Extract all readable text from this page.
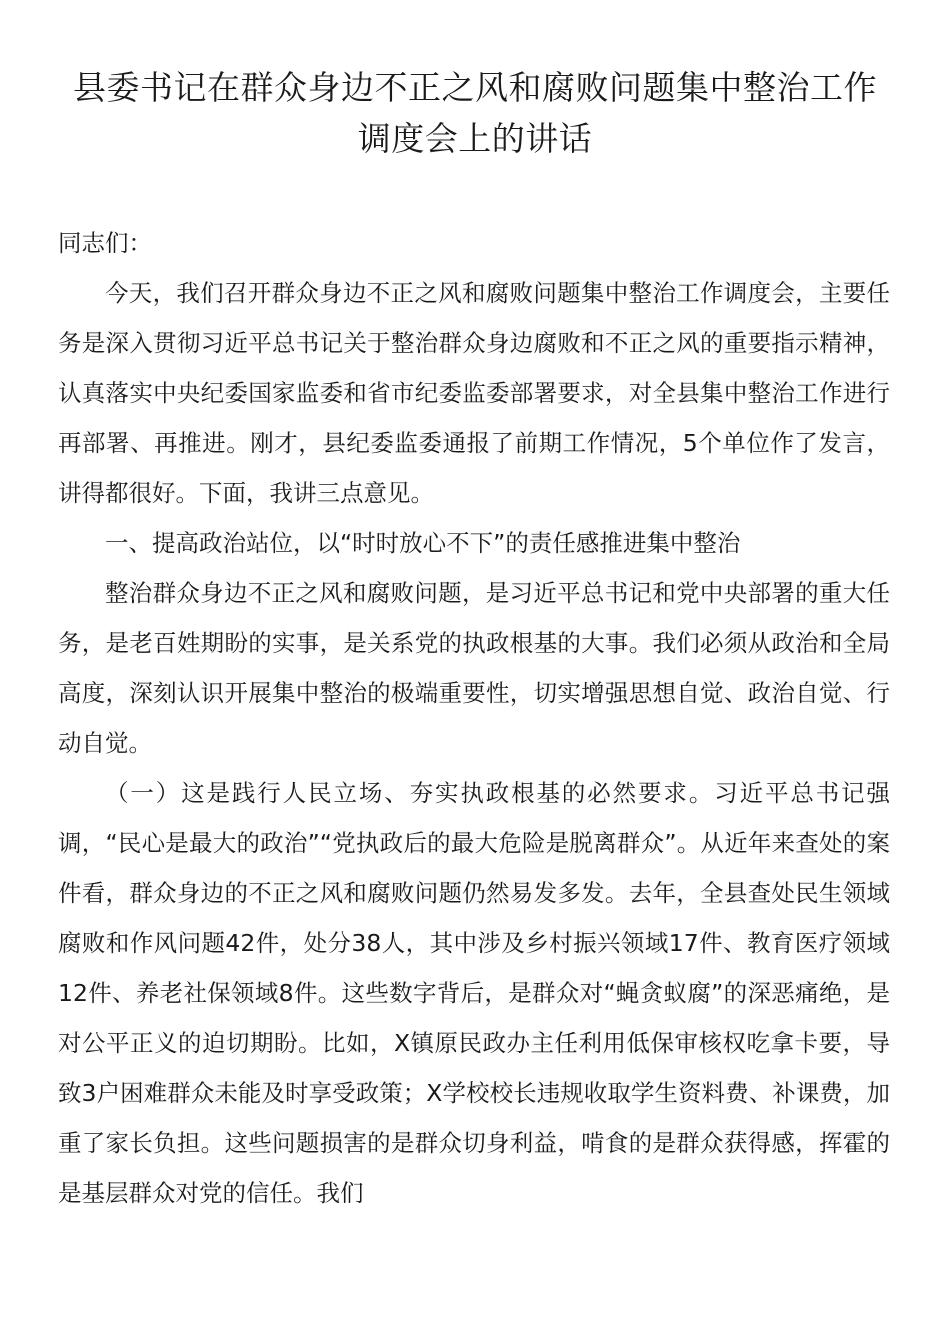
县委书记在群众身边不正之风和腐败问题集中整治工作调度会上的讲话

同志们：

今天，我们召开群众身边不正之风和腐败问题集中整治工作调度会，主要任务是深入贯彻习近平总书记关于整治群众身边腐败和不正之风的重要指示精神，认真落实中央纪委国家监委和省市纪委监委部署要求，对全县集中整治工作进行再部署、再推进。刚才，县纪委监委通报了前期工作情况，5个单位作了发言，讲得都很好。下面，我讲三点意见。

一、提高政治站位，以“时时放心不下”的责任感推进集中整治

整治群众身边不正之风和腐败问题，是习近平总书记和党中央部署的重大任务，是老百姓期盼的实事，是关系党的执政根基的大事。我们必须从政治和全局高度，深刻认识开展集中整治的极端重要性，切实增强思想自觉、政治自觉、行动自觉。

（一）这是践行人民立场、夯实执政根基的必然要求。习近平总书记强调，“民心是最大的政治”“党执政后的最大危险是脱离群众”。从近年来查处的案件看，群众身边的不正之风和腐败问题仍然易发多发。去年，全县查处民生领域腐败和作风问题42件，处分38人，其中涉及乡村振兴领域17件、教育医疗领域12件、养老社保领域8件。这些数字背后，是群众对“蝇贪蚁腐”的深恶痛绝，是对公平正义的迫切期盼。比如，X镇原民政办主任利用低保审核权吃拿卡要，导致3户困难群众未能及时享受政策；X学校校长违规收取学生资料费、补课费，加重了家长负担。这些问题损害的是群众切身利益，啃食的是群众获得感，挥霍的是基层群众对党的信任。我们
